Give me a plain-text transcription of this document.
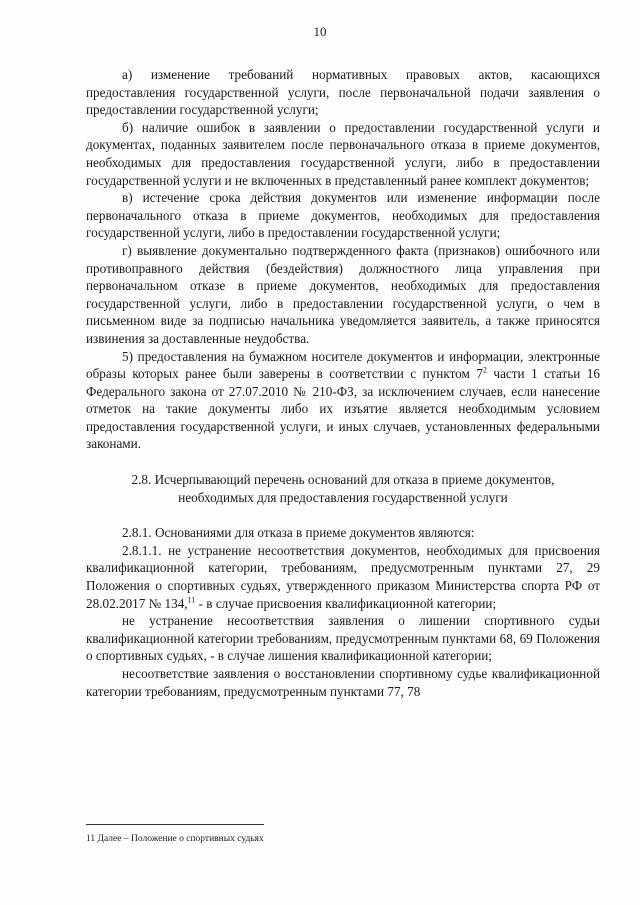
10

а) изменение требований нормативных правовых актов, касающихся предоставления государственной услуги, после первоначальной подачи заявления о предоставлении государственной услуги;

б) наличие ошибок в заявлении о предоставлении государственной услуги и документах, поданных заявителем после первоначального отказа в приеме документов, необходимых для предоставления государственной услуги, либо в предоставлении государственной услуги и не включенных в представленный ранее комплект документов;

в) истечение срока действия документов или изменение информации после первоначального отказа в приеме документов, необходимых для предоставления государственной услуги, либо в предоставлении государственной услуги;

г) выявление документально подтвержденного факта (признаков) ошибочного или противоправного действия (бездействия) должностного лица управления при первоначальном отказе в приеме документов, необходимых для предоставления государственной услуги, либо в предоставлении государственной услуги, о чем в письменном виде за подписью начальника уведомляется заявитель, а также приносятся извинения за доставленные неудобства.

5) предоставления на бумажном носителе документов и информации, электронные образы которых ранее были заверены в соответствии с пунктом $7^2$ части 1 статьи 16 Федерального закона от 27.07.2010 № 210-ФЗ, за исключением случаев, если нанесение отметок на такие документы либо их изъятие является необходимым условием предоставления государственной услуги, и иных случаев, установленных федеральными законами.

2.8. Исчерпывающий перечень оснований для отказа в приеме документов, необходимых для предоставления государственной услуги

2.8.1. Основаниями для отказа в приеме документов являются:

2.8.1.1. не устранение несоответствия документов, необходимых для присвоения квалификационной категории, требованиям, предусмотренным пунктами 27, 29 Положения о спортивных судьях, утвержденного приказом Министерства спорта РФ от 28.02.2017 № 134,11 - в случае присвоения квалификационной категории;

не устранение несоответствия заявления о лишении спортивного судьи квалификационной категории требованиям, предусмотренным пунктами 68, 69 Положения о спортивных судьях, - в случае лишения квалификационной категории;

несоответствие заявления о восстановлении спортивному судье квалификационной категории требованиям, предусмотренным пунктами 77, 78

11 Далее – Положение о спортивных судьях
